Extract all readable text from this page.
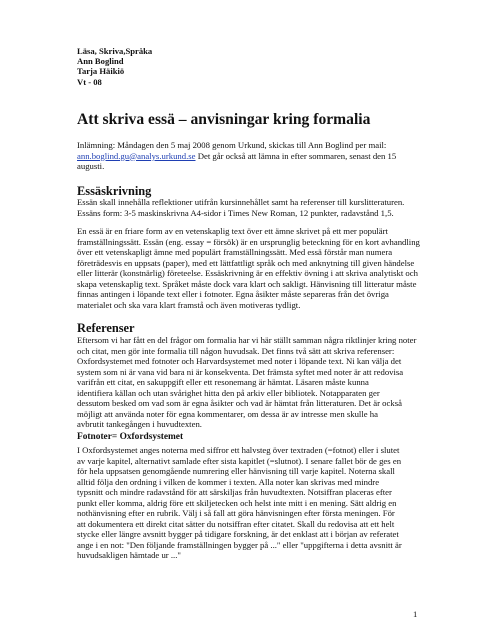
Läsa, Skriva,Språka
Ann Boglind
Tarja Häikiö
Vt - 08
Att skriva essä – anvisningar kring formalia
Inlämning: Måndagen den 5 maj 2008 genom Urkund, skickas till Ann Boglind per mail:
ann.boglind.gu@analys.urkund.se Det går också att lämna in efter sommaren, senast den 15
augusti.
Essäskrivning
Essän skall innehålla reflektioner utifrån kursinnehållet samt ha referenser till kurslitteraturen.
Essäns form: 3-5 maskinskrivna A4-sidor i Times New Roman, 12 punkter, radavstånd 1,5.
En essä är en friare form av en vetenskaplig text över ett ämne skrivet på ett mer populärt
framställningssätt. Essän (eng. essay = försök) är en ursprunglig beteckning för en kort avhandling
över ett vetenskapligt ämne med populärt framställningssätt. Med essä förstår man numera
företrädesvis en uppsats (paper), med ett lättfattligt språk och med anknytning till given händelse
eller litterär (konstnärlig) företeelse. Essäskrivning är en effektiv övning i att skriva analytiskt och
skapa vetenskaplig text. Språket måste dock vara klart och sakligt. Hänvisning till litteratur måste
finnas antingen i löpande text eller i fotnoter. Egna åsikter måste separeras från det övriga
materialet och ska vara klart framstå och även motiveras tydligt.
Referenser
Eftersom vi har fått en del frågor om formalia har vi här ställt samman några riktlinjer kring noter
och citat, men gör inte formalia till någon huvudsak. Det finns två sätt att skriva referenser:
Oxfordsystemet med fotnoter och Harvardsystemet med noter i löpande text. Ni kan välja det
system som ni är vana vid bara ni är konsekventa. Det främsta syftet med noter är att redovisa
varifrån ett citat, en sakuppgift eller ett resonemang är hämtat. Läsaren måste kunna
identifiera källan och utan svårighet hitta den på arkiv eller bibliotek. Notapparaten ger
dessutom besked om vad som är egna åsikter och vad är hämtat från litteraturen. Det är också
möjligt att använda noter för egna kommentarer, om dessa är av intresse men skulle ha
avbrutit tankegången i huvudtexten.
Fotnoter= Oxfordsystemet
I Oxfordsystemet anges noterna med siffror ett halvsteg över textraden (=fotnot) eller i slutet
av varje kapitel, alternativt samlade efter sista kapitlet (=slutnot). I senare fallet bör de ges en
för hela uppsatsen genomgående numrering eller hänvisning till varje kapitel. Noterna skall
alltid följa den ordning i vilken de kommer i texten. Alla noter kan skrivas med mindre
typsnitt och mindre radavstånd för att särskiljas från huvudtexten. Notsiffran placeras efter
punkt eller komma, aldrig före ett skiljetecken och helst inte mitt i en mening. Sätt aldrig en
nothänvisning efter en rubrik. Välj i så fall att göra hänvisningen efter första meningen. För
att dokumentera ett direkt citat sätter du notsiffran efter citatet. Skall du redovisa att ett helt
stycke eller längre avsnitt bygger på tidigare forskning, är det enklast att i början av referatet
ange i en not: "Den följande framställningen bygger på ..." eller "uppgifterna i detta avsnitt är
huvudsakligen hämtade ur ..."
1
